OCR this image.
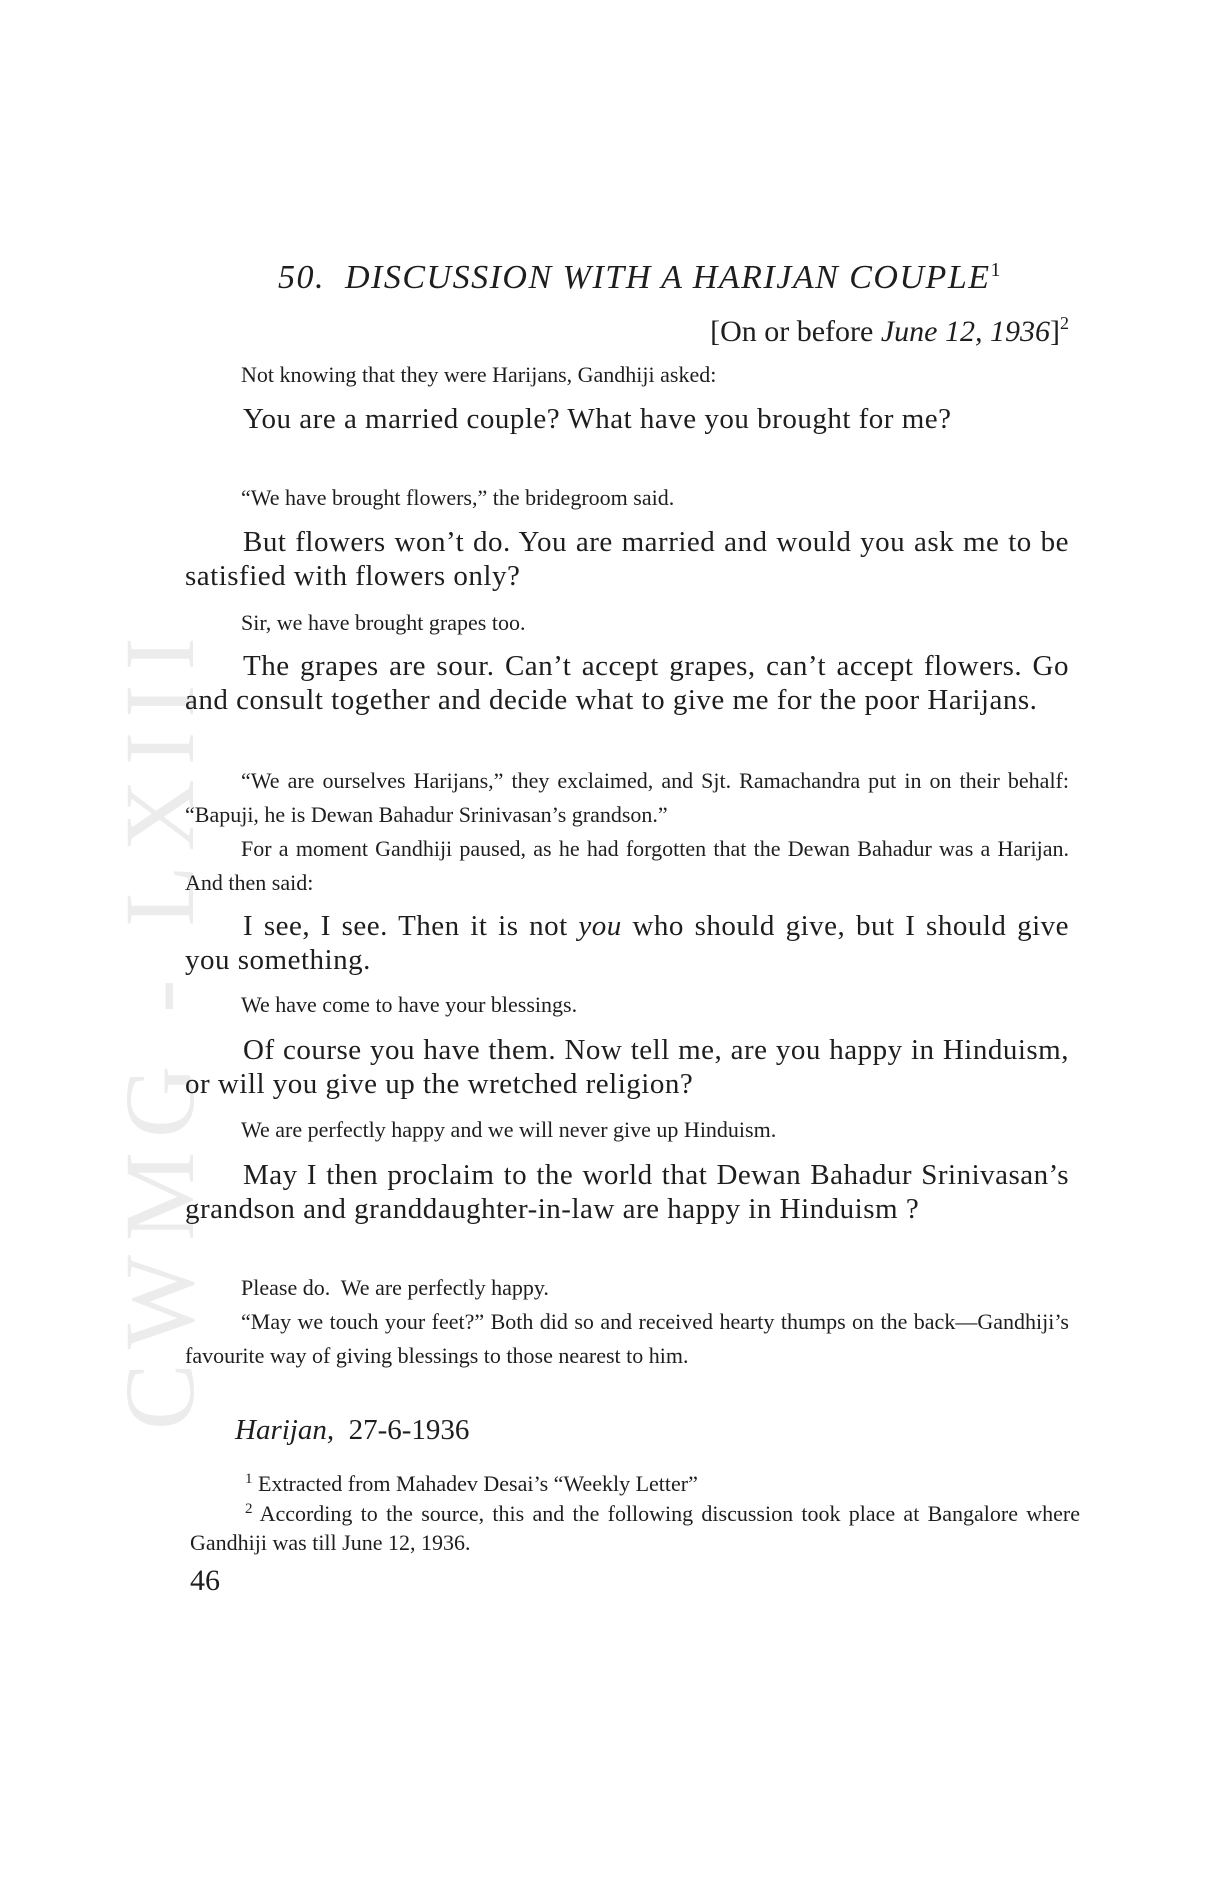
CWMG - LXIII
50. DISCUSSION WITH A HARIJAN COUPLE$^1$
[On or before June 12, 1936]$^2$

Not knowing that they were Harijans, Gandhiji asked:

You are a married couple? What have you brought for me?

“We have brought flowers,” the bridegroom said.

But flowers won’t do. You are married and would you ask me to be satisfied with flowers only?

Sir, we have brought grapes too.

The grapes are sour. Can’t accept grapes, can’t accept flowers. Go and consult together and decide what to give me for the poor Harijans.

“We are ourselves Harijans,” they exclaimed, and Sjt. Ramachandra put in on their behalf: “Bapuji, he is Dewan Bahadur Srinivasan’s grandson.”

For a moment Gandhiji paused, as he had forgotten that the Dewan Bahadur was a Harijan. And then said:

I see, I see. Then it is not you who should give, but I should give you something.

We have come to have your blessings.

Of course you have them. Now tell me, are you happy in Hinduism, or will you give up the wretched religion?

We are perfectly happy and we will never give up Hinduism.

May I then proclaim to the world that Dewan Bahadur Srinivasan’s grandson and granddaughter-in-law are happy in Hinduism ?

Please do.  We are perfectly happy.

“May we touch your feet?” Both did so and received hearty thumps on the back—Gandhiji’s favourite way of giving blessings to those nearest to him.

Harijan, 27-6-1936
$^1$ Extracted from Mahadev Desai’s “Weekly Letter”
$^2$ According to the source, this and the following discussion took place at Bangalore where Gandhiji was till June 12, 1936.
46
